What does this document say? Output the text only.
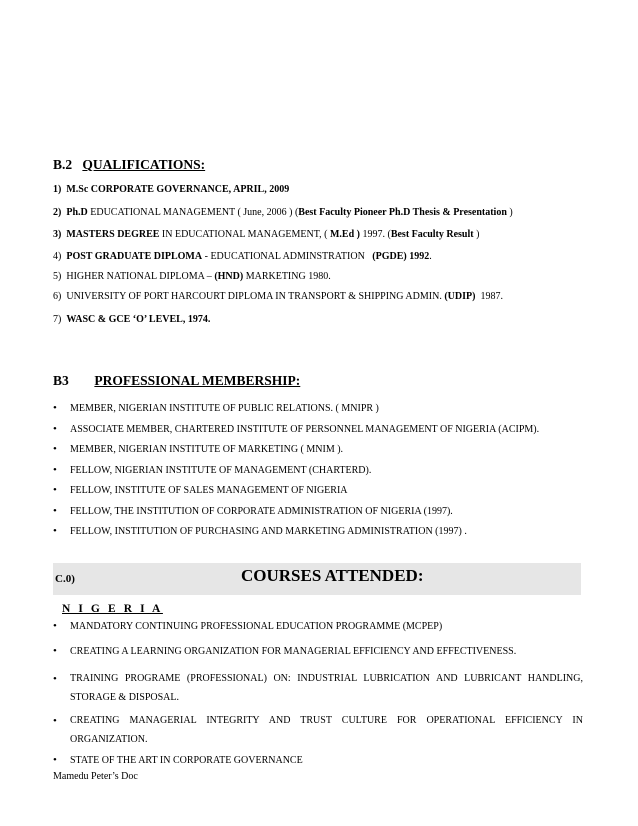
B.2 QUALIFICATIONS:
1) M.Sc CORPORATE GOVERNANCE, APRIL, 2009
2) Ph.D EDUCATIONAL MANAGEMENT ( June, 2006 ) (Best Faculty Pioneer Ph.D Thesis & Presentation )
3) MASTERS DEGREE IN EDUCATIONAL MANAGEMENT, ( M.Ed ) 1997. (Best Faculty Result )
4) POST GRADUATE DIPLOMA - EDUCATIONAL ADMINSTRATION   (PGDE) 1992.
5) HIGHER NATIONAL DIPLOMA – (HND) MARKETING 1980.
6) UNIVERSITY OF PORT HARCOURT DIPLOMA IN TRANSPORT & SHIPPING ADMIN. (UDIP)  1987.
7)  WASC & GCE ‘O’ LEVEL, 1974.
B3 PROFESSIONAL MEMBERSHIP:
• MEMBER, NIGERIAN INSTITUTE OF PUBLIC RELATIONS. ( MNIPR )
• ASSOCIATE MEMBER, CHARTERED INSTITUTE OF PERSONNEL MANAGEMENT OF NIGERIA (ACIPM).
• MEMBER, NIGERIAN INSTITUTE OF MARKETING ( MNIM ).
• FELLOW, NIGERIAN INSTITUTE OF MANAGEMENT (CHARTERD).
• FELLOW, INSTITUTE OF SALES MANAGEMENT OF NIGERIA
• FELLOW, THE INSTITUTION OF CORPORATE ADMINISTRATION OF NIGERIA (1997).
• FELLOW, INSTITUTION OF PURCHASING AND MARKETING ADMINISTRATION (1997) .
C.0)	COURSES ATTENDED:
N I G E R I A
• MANDATORY CONTINUING PROFESSIONAL EDUCATION PROGRAMME (MCPEP)
• CREATING A LEARNING ORGANIZATION FOR MANAGERIAL EFFICIENCY AND EFFECTIVENESS.
• TRAINING PROGRAME (PROFESSIONAL) ON: INDUSTRIAL LUBRICATION AND LUBRICANT HANDLING, STORAGE & DISPOSAL.
• CREATING MANAGERIAL INTEGRITY AND TRUST CULTURE FOR OPERATIONAL EFFICIENCY IN ORGANIZATION.
• STATE OF THE ART IN CORPORATE GOVERNANCE
Mamedu Peter’s Doc
